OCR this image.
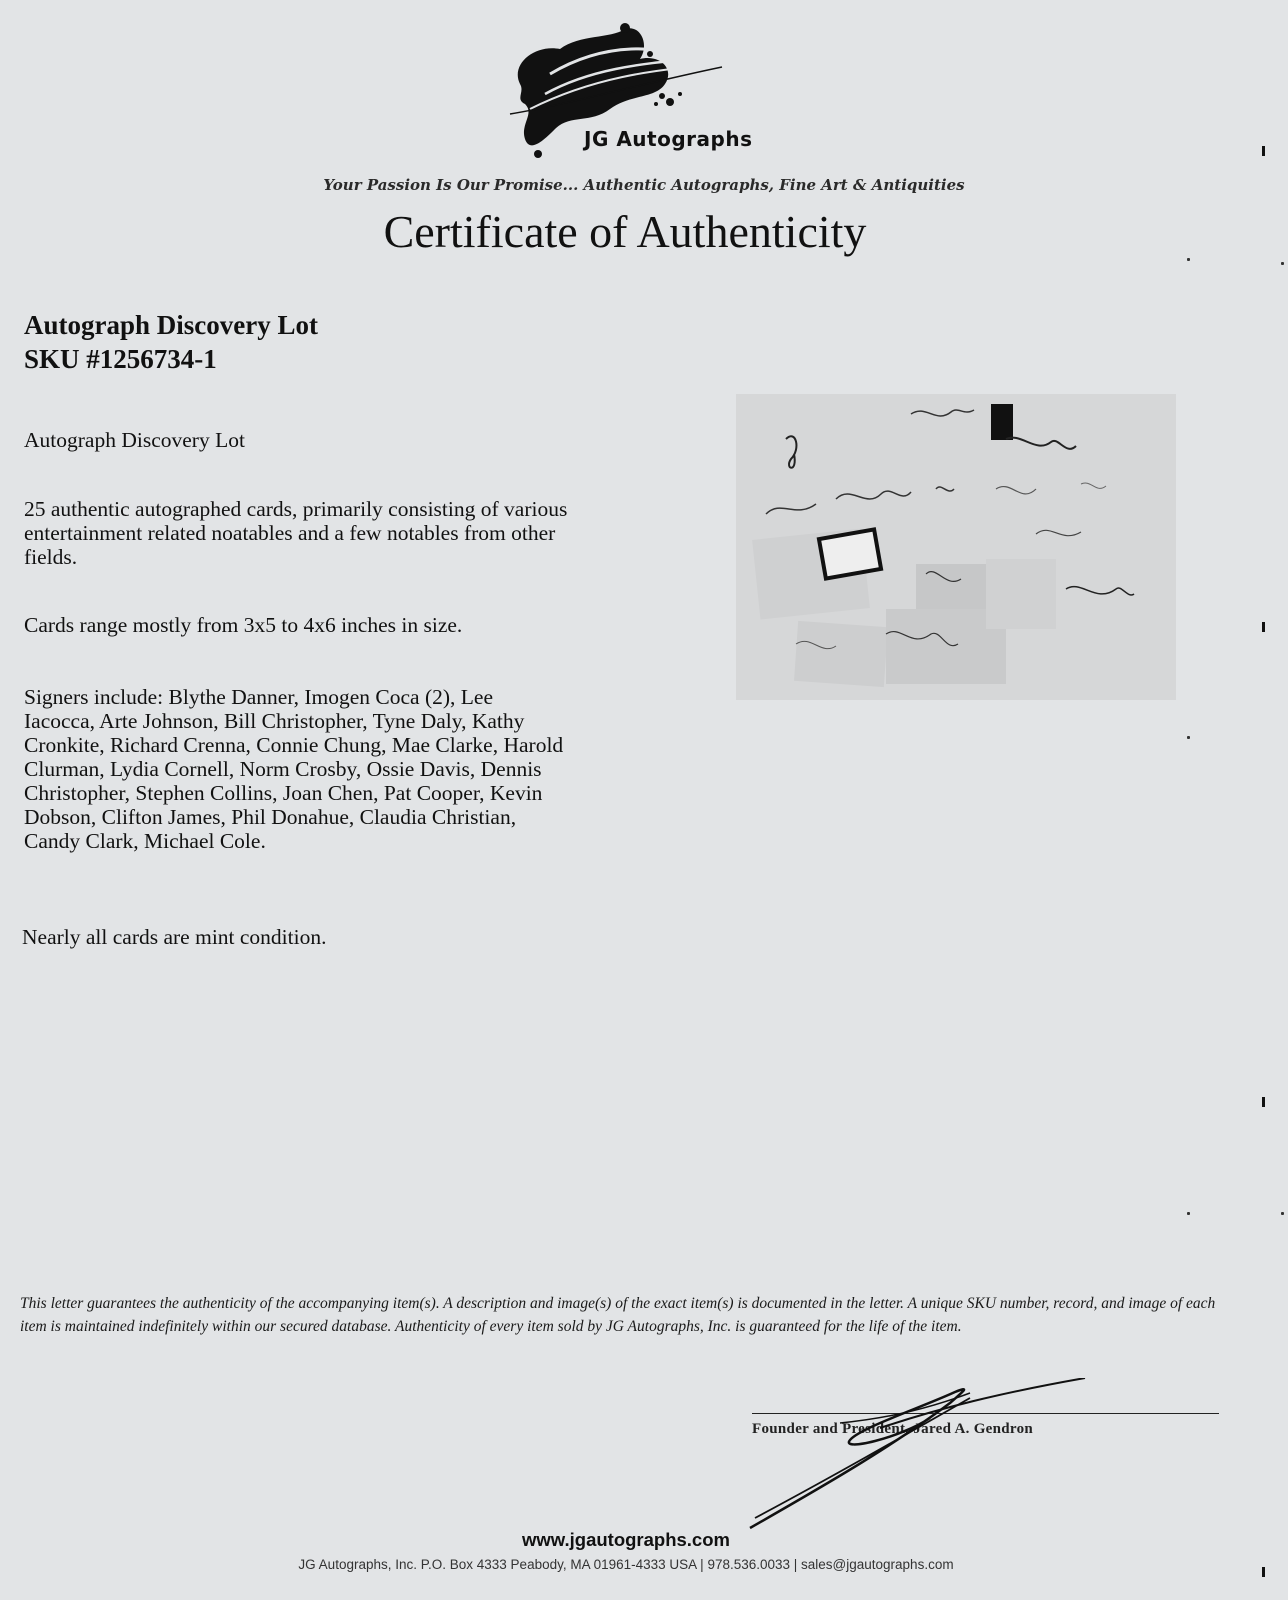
JG Autographs
Your Passion Is Our Promise... Authentic Autographs, Fine Art & Antiquities
Certificate of Authenticity
Autograph Discovery Lot
SKU #1256734-1
Autograph Discovery Lot
25 authentic autographed cards, primarily consisting of various entertainment related noatables and a few notables from other fields.
Cards range mostly from 3x5 to 4x6 inches in size.
Signers include: Blythe Danner, Imogen Coca (2), Lee Iacocca, Arte Johnson, Bill Christopher, Tyne Daly, Kathy Cronkite, Richard Crenna, Connie Chung, Mae Clarke, Harold Clurman, Lydia Cornell, Norm Crosby, Ossie Davis, Dennis Christopher, Stephen Collins, Joan Chen, Pat Cooper, Kevin Dobson, Clifton James, Phil Donahue, Claudia Christian, Candy Clark, Michael Cole.
Nearly all cards are mint condition.
This letter guarantees the authenticity of the accompanying item(s). A description and image(s) of the exact item(s) is documented in the letter. A unique SKU number, record, and image of each item is maintained indefinitely within our secured database. Authenticity of every item sold by JG Autographs, Inc. is guaranteed for the life of the item.
Founder and President, Jared A. Gendron
www.jgautographs.com
JG Autographs, Inc. P.O. Box 4333 Peabody, MA 01961-4333 USA | 978.536.0033 | sales@jgautographs.com
